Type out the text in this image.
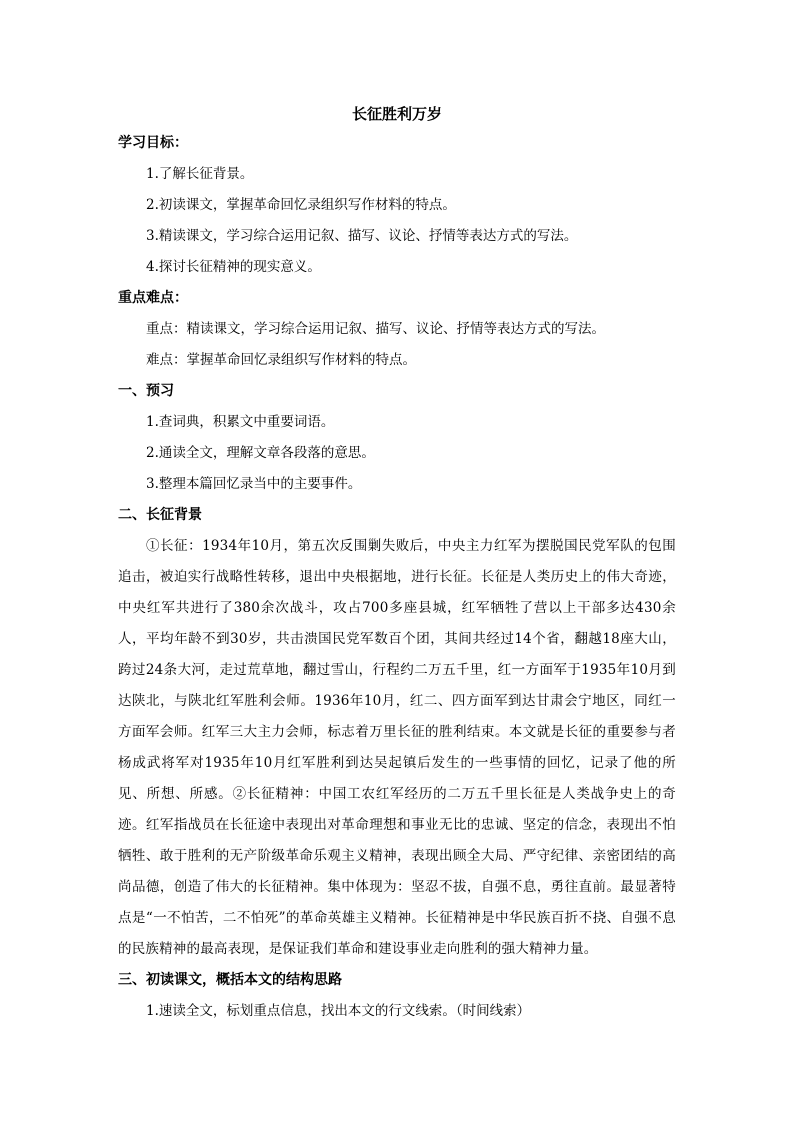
长征胜利万岁
学习目标：
1.了解长征背景。
2.初读课文，掌握革命回忆录组织写作材料的特点。
3.精读课文，学习综合运用记叙、描写、议论、抒情等表达方式的写法。
4.探讨长征精神的现实意义。
重点难点：
重点：精读课文，学习综合运用记叙、描写、议论、抒情等表达方式的写法。
难点：掌握革命回忆录组织写作材料的特点。
一、预习
1.查词典，积累文中重要词语。
2.通读全文，理解文章各段落的意思。
3.整理本篇回忆录当中的主要事件。
二、长征背景

①长征：1934年10月，第五次反围剿失败后，中央主力红军为摆脱国民党军队的包围追击，被迫实行战略性转移，退出中央根据地，进行长征。长征是人类历史上的伟大奇迹，中央红军共进行了380余次战斗，攻占700多座县城，红军牺牲了营以上干部多达430余人，平均年龄不到30岁，共击溃国民党军数百个团，其间共经过14个省，翻越18座大山，跨过24条大河，走过荒草地，翻过雪山，行程约二万五千里，红一方面军于1935年10月到达陕北，与陕北红军胜利会师。1936年10月，红二、四方面军到达甘肃会宁地区，同红一方面军会师。红军三大主力会师，标志着万里长征的胜利结束。本文就是长征的重要参与者杨成武将军对1935年10月红军胜利到达吴起镇后发生的一些事情的回忆，记录了他的所见、所想、所感。②长征精神：中国工农红军经历的二万五千里长征是人类战争史上的奇迹。红军指战员在长征途中表现出对革命理想和事业无比的忠诚、坚定的信念，表现出不怕牺牲、敢于胜利的无产阶级革命乐观主义精神，表现出顾全大局、严守纪律、亲密团结的高尚品德，创造了伟大的长征精神。集中体现为：坚忍不拔，自强不息，勇往直前。最显著特点是“一不怕苦，二不怕死”的革命英雄主义精神。长征精神是中华民族百折不挠、自强不息的民族精神的最高表现，是保证我们革命和建设事业走向胜利的强大精神力量。

三、初读课文，概括本文的结构思路
1.速读全文，标划重点信息，找出本文的行文线索。（时间线索）
